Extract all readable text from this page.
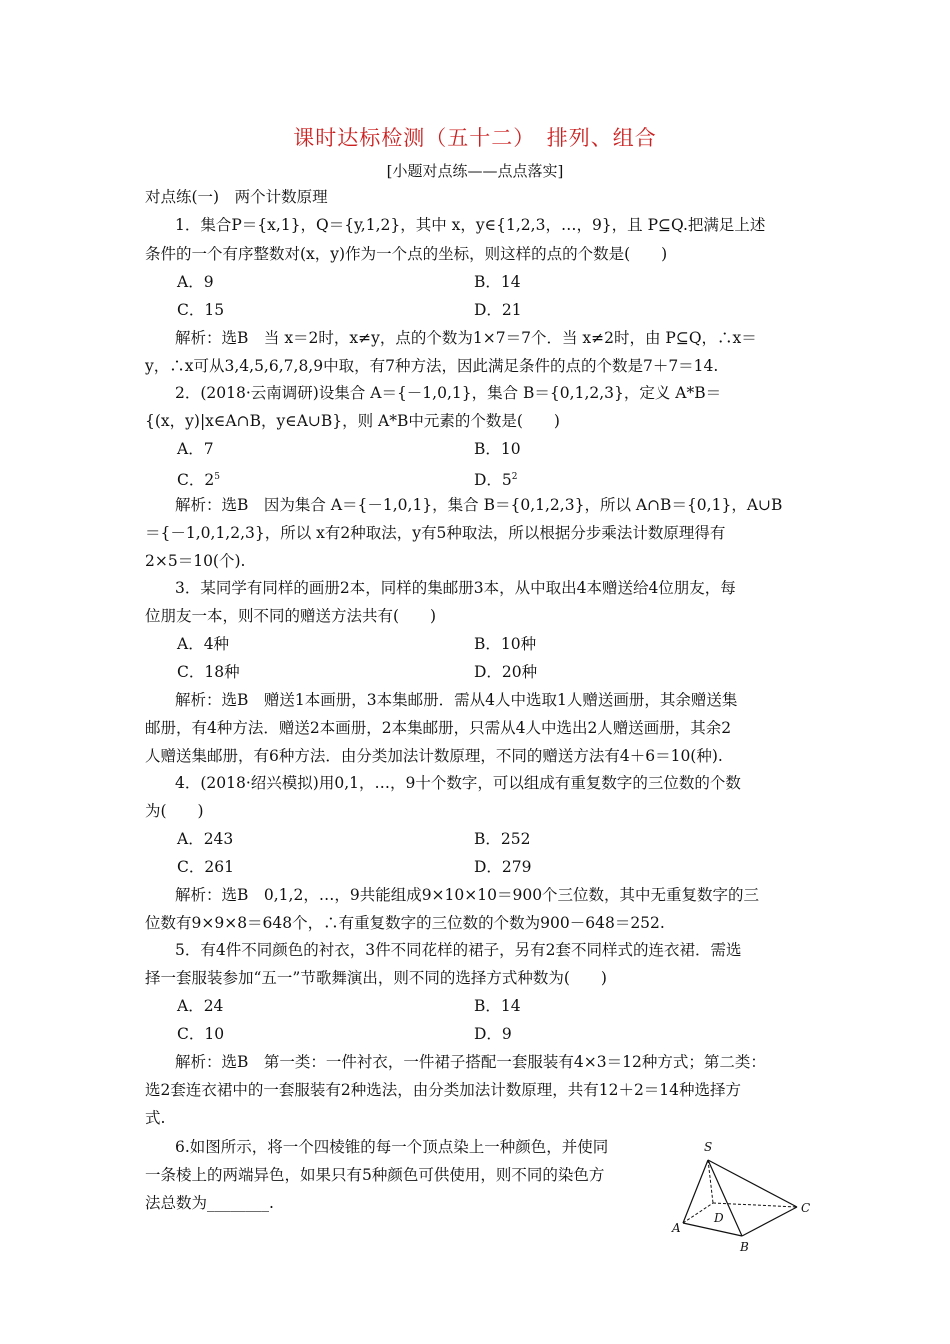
课时达标检测（五十二）　排列、组合
[小题对点练——点点落实]
对点练(一)　两个计数原理
1．集合P＝{x,1}，Q＝{y,1,2}，其中 x，y∈{1,2,3，…，9}，且 P⊆Q.把满足上述
条件的一个有序整数对(x，y)作为一个点的坐标，则这样的点的个数是(　　)
A．9	B．14
C．15	D．21
解析：选B　当 x＝2时，x≠y，点的个数为1×7＝7个．当 x≠2时，由 P⊆Q，∴x＝
y，∴x可从3,4,5,6,7,8,9中取，有7种方法，因此满足条件的点的个数是7＋7＝14.
2．(2018·云南调研)设集合 A＝{－1,0,1}，集合 B＝{0,1,2,3}，定义 A*B＝
{(x，y)|x∈A∩B，y∈A∪B}，则 A*B中元素的个数是(　　)
A．7	B．10
C．$2^5$	D．$5^2$
解析：选B　因为集合 A＝{－1,0,1}，集合 B＝{0,1,2,3}，所以 A∩B＝{0,1}，A∪B
＝{－1,0,1,2,3}，所以 x有2种取法，y有5种取法，所以根据分步乘法计数原理得有
2×5＝10(个).
3．某同学有同样的画册2本，同样的集邮册3本，从中取出4本赠送给4位朋友，每
位朋友一本，则不同的赠送方法共有(　　)
A．4种	B．10种
C．18种	D．20种
解析：选B　赠送1本画册，3本集邮册．需从4人中选取1人赠送画册，其余赠送集
邮册，有4种方法．赠送2本画册，2本集邮册，只需从4人中选出2人赠送画册，其余2
人赠送集邮册，有6种方法．由分类加法计数原理，不同的赠送方法有4＋6＝10(种).
4．(2018·绍兴模拟)用0,1，…，9十个数字，可以组成有重复数字的三位数的个数
为(　　)
A．243	B．252
C．261	D．279
解析：选B　0,1,2，…，9共能组成9×10×10＝900个三位数，其中无重复数字的三
位数有9×9×8＝648个，∴有重复数字的三位数的个数为900－648＝252.
5．有4件不同颜色的衬衣，3件不同花样的裙子，另有2套不同样式的连衣裙．需选
择一套服装参加“五一”节歌舞演出，则不同的选择方式种数为(　　)
A．24	B．14
C．10	D．9
解析：选B　第一类：一件衬衣，一件裙子搭配一套服装有4×3＝12种方式；第二类：
选2套连衣裙中的一套服装有2种选法，由分类加法计数原理，共有12＋2＝14种选择方
式.
6.如图所示，将一个四棱锥的每一个顶点染上一种颜色，并使同
一条棱上的两端异色，如果只有5种颜色可供使用，则不同的染色方
法总数为________.
S
A
B
C
D
